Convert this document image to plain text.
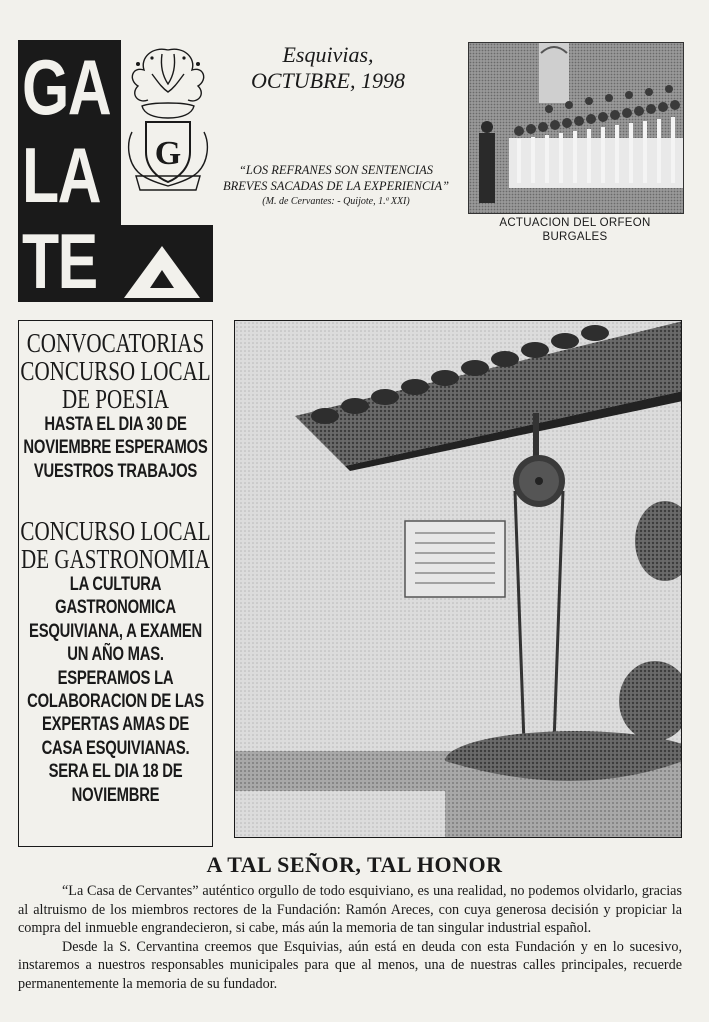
GA
LA
TE
G
Esquivias,
OCTUBRE, 1998
“LOS REFRANES SON SENTENCIAS
BREVES SACADAS DE LA EXPERIENCIA”
(M. de Cervantes: - Quijote, 1.ª XXI)
ACTUACION DEL ORFEON
BURGALES
CONVOCATORIAS
CONCURSO LOCAL
DE POESIA
HASTA EL DIA 30 DE
NOVIEMBRE ESPERAMOS
VUESTROS TRABAJOS
CONCURSO LOCAL
DE GASTRONOMIA
LA CULTURA
GASTRONOMICA
ESQUIVIANA, A EXAMEN
UN AÑO MAS.
ESPERAMOS LA
COLABORACION DE LAS
EXPERTAS AMAS DE
CASA ESQUIVIANAS.
SERA EL DIA 18 DE
NOVIEMBRE
A TAL SEÑOR, TAL HONOR

“La Casa de Cervantes” auténtico orgullo de todo esquiviano, es una realidad, no podemos olvidarlo, gracias al altruismo de los miembros rectores de la Fundación: Ramón Areces, con cuya generosa decisión y propiciar la compra del inmueble engrandecieron, si cabe, más aún la memoria de tan singular industrial español.

Desde la S. Cervantina creemos que Esquivias, aún está en deuda con esta Fundación y en lo sucesivo, instaremos a nuestros responsables municipales para que al menos, una de nuestras calles principales, recuerde permanentemente la memoria de su fundador.
